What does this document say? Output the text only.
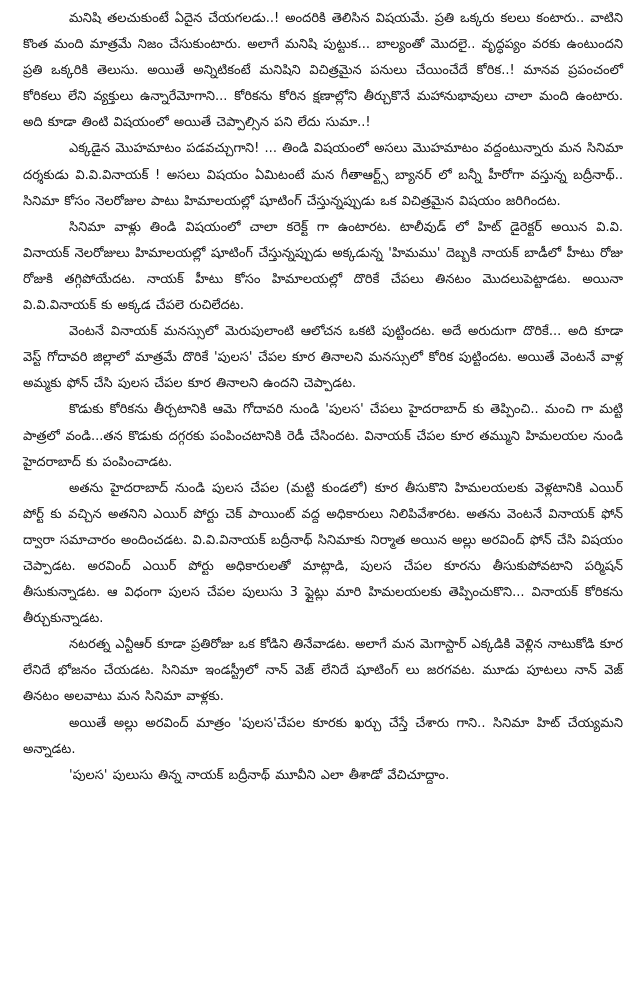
మనిషి తలచుకుంటే ఏదైన చేయగలడు..! అందరికి తెలిసిన విషయమే. ప్రతి ఒక్కరు కలలు కంటారు.. వాటిని కొంత మంది మాత్రమే నిజం చేసుకుంటారు. అలాగే మనిషి పుట్టుక... బాల్యంతో మొదలై.. వృద్ధప్యం వరకు ఉంటుందని ప్రతి ఒక్కరికి తెలుసు. అయితే అన్నిటికంటే మనిషిని విచిత్రమైన పనులు చేయించేదే కోరిక..! మానవ ప్రపంచంలో కోరికలు లేని వ్యక్తులు ఉన్నారేమోగాని... కోరికను కోరిన క్షణాల్లోని తీర్చుకొనే మహానుభావులు చాలా మంది ఉంటారు. అది కూడా తింటి విషయంలో అయితే చెప్పాల్సిన పని లేదు సుమా..!

ఎక్కడైన మొహమాటం పడవచ్చుగాని! ... తిండి విషయంలో అసలు మొహమాటం వద్దంటున్నారు మన సినిమా దర్శకుడు వి.వి.వినాయక్ ! అసలు విషయం ఏమిటంటే మన గీతాఆర్ట్స్ బ్యానర్ లో బన్నీ హీరోగా వస్తున్న బద్రీనాథ్.. సినిమా కోసం నెలరోజుల పాటు హిమాలయల్లో షూటింగ్ చేస్తున్నప్పుడు ఒక విచిత్రమైన విషయం జరిగిందట.

సినిమా వాళ్లు తిండి విషయంలో చాలా కరెక్ట్ గా ఉంటారట. టాలీవుడ్ లో హిట్ డైరెక్టర్ అయిన వి.వి. వినాయక్ నెలరోజులు హిమాలయల్లో షూటింగ్ చేస్తున్నప్పుడు అక్కడున్న 'హిమము' దెబ్బకి నాయక్ బాడీలో హీటు రోజు రోజుకి తగ్గిపోయేదట. నాయక్ హీటు కోసం హిమాలయల్లో దొరికే చేపలు తినటం మొదలుపెట్టాడట. అయినా వి.వి.వినాయక్ కు అక్కడ చేపలె రుచిలేదట.

వెంటనే వినాయక్ మనస్సులో మెరుపులాంటి ఆలోచన ఒకటి పుట్టిందట. అదే అరుదుగా దొరికే... అది కూడా వెస్ట్ గోదావరి జిల్లాలో మాత్రమే దొరికే 'పులస' చేపల కూర తినాలని మనస్సులో కోరిక పుట్టిందట. అయితే వెంటనే వాళ్ల అమ్మకు ఫోన్ చేసి పులస చేపల కూర తినాలని ఉందని చెప్పాడట.

కొడుకు కోరికను తీర్చటానికి ఆమె గోదావరి నుండి 'పులస' చేపలు హైదరాబాద్ కు తెప్పించి.. మంచి గా మట్టి పాత్రలో వండి...తన కొడుకు దగ్గరకు పంపించటానికి రెడీ చేసిందట. వినాయక్ చేపల కూర తమ్ముని హిమలయల నుండి హైదరాబాద్ కు పంపించాడట.

అతను హైదరాబాద్ నుండి పులస చేపల (మట్టి కుండలో) కూర తీసుకొని హిమలయలకు వెళ్లటానికి ఎయిర్ పోర్ట్ కు వచ్చిన అతనిని ఎయిర్ పోర్టు చెక్ పాయింట్ వద్ద అధికారులు నిలిపివేశారట. అతను వెంటనే వినాయక్ ఫోన్ ద్వారా సమాచారం అందించడట. వి.వి.వినాయక్ బద్రీనాథ్ సినిమాకు నిర్మాత అయిన అల్లు అరవింద్ ఫోన్ చేసి విషయం చెప్పాడట. అరవింద్ ఎయిర్ పోర్టు అధికారులతో మాట్లాడి, పులస చేపల కూరను తీసుకుపోవటాని పర్మిషన్ తీసుకున్నాడట. ఆ విధంగా పులస చేపల పులుసు 3 ఫ్లైట్లు మారి హిమలయలకు తెప్పించుకొని... వినాయక్ కోరికను తీర్చుకున్నాడట.

నటరత్న ఎన్టీఆర్ కూడా ప్రతిరోజు ఒక కోడిని తినేవాడట. అలాగే మన మెగాస్టార్ ఎక్కడికి వెళ్లిన నాటుకోడి కూర లేనిదే భోజనం చేయడట. సినిమా ఇండస్ట్రీలో నాన్ వెజ్ లేనిదే షూటింగ్ లు జరగవట. మూడు పూటలు నాన్ వెజ్ తినటం అలవాటు మన సినిమా వాళ్లకు.

అయితే అల్లు అరవింద్ మాత్రం 'పులస'చేపల కూరకు ఖర్చు చేస్తే చేశారు గాని.. సినిమా హిట్ చేయ్యమని అన్నాడట.

'పులస' పులుసు తిన్న నాయక్ బద్రీనాథ్ మూవీని ఎలా తీశాడో వేచిచూద్దాం.
